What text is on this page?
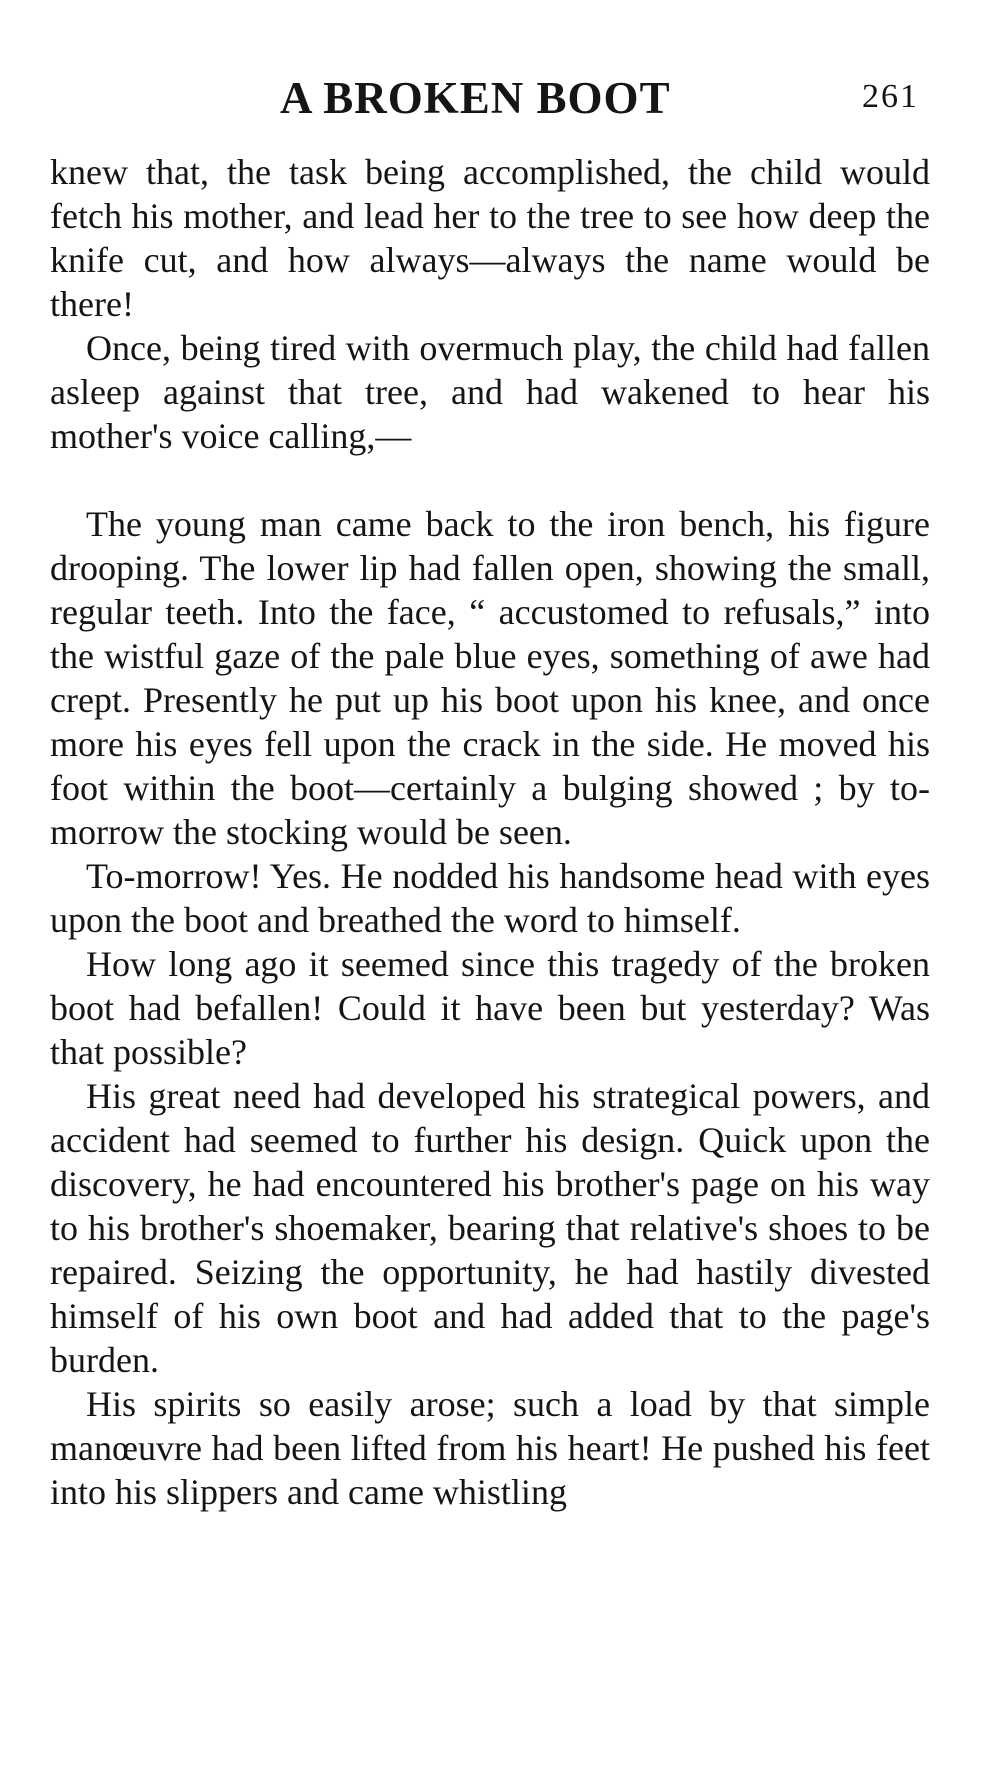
A BROKEN BOOT	261

knew that, the task being accomplished, the child would fetch his mother, and lead her to the tree to see how deep the knife cut, and how always—always the name would be there!

Once, being tired with overmuch play, the child had fallen asleep against that tree, and had wakened to hear his mother's voice calling,—

The young man came back to the iron bench, his figure drooping. The lower lip had fallen open, showing the small, regular teeth. Into the face, “ accustomed to refusals,” into the wistful gaze of the pale blue eyes, something of awe had crept. Presently he put up his boot upon his knee, and once more his eyes fell upon the crack in the side. He moved his foot within the boot—certainly a bulging showed ; by to-morrow the stocking would be seen.

To-morrow! Yes. He nodded his handsome head with eyes upon the boot and breathed the word to himself.

How long ago it seemed since this tragedy of the broken boot had befallen! Could it have been but yesterday? Was that possible?

His great need had developed his strategical powers, and accident had seemed to further his design. Quick upon the discovery, he had encountered his brother's page on his way to his brother's shoemaker, bearing that relative's shoes to be repaired. Seizing the opportunity, he had hastily divested himself of his own boot and had added that to the page's burden.

His spirits so easily arose; such a load by that simple manœuvre had been lifted from his heart! He pushed his feet into his slippers and came whistling
